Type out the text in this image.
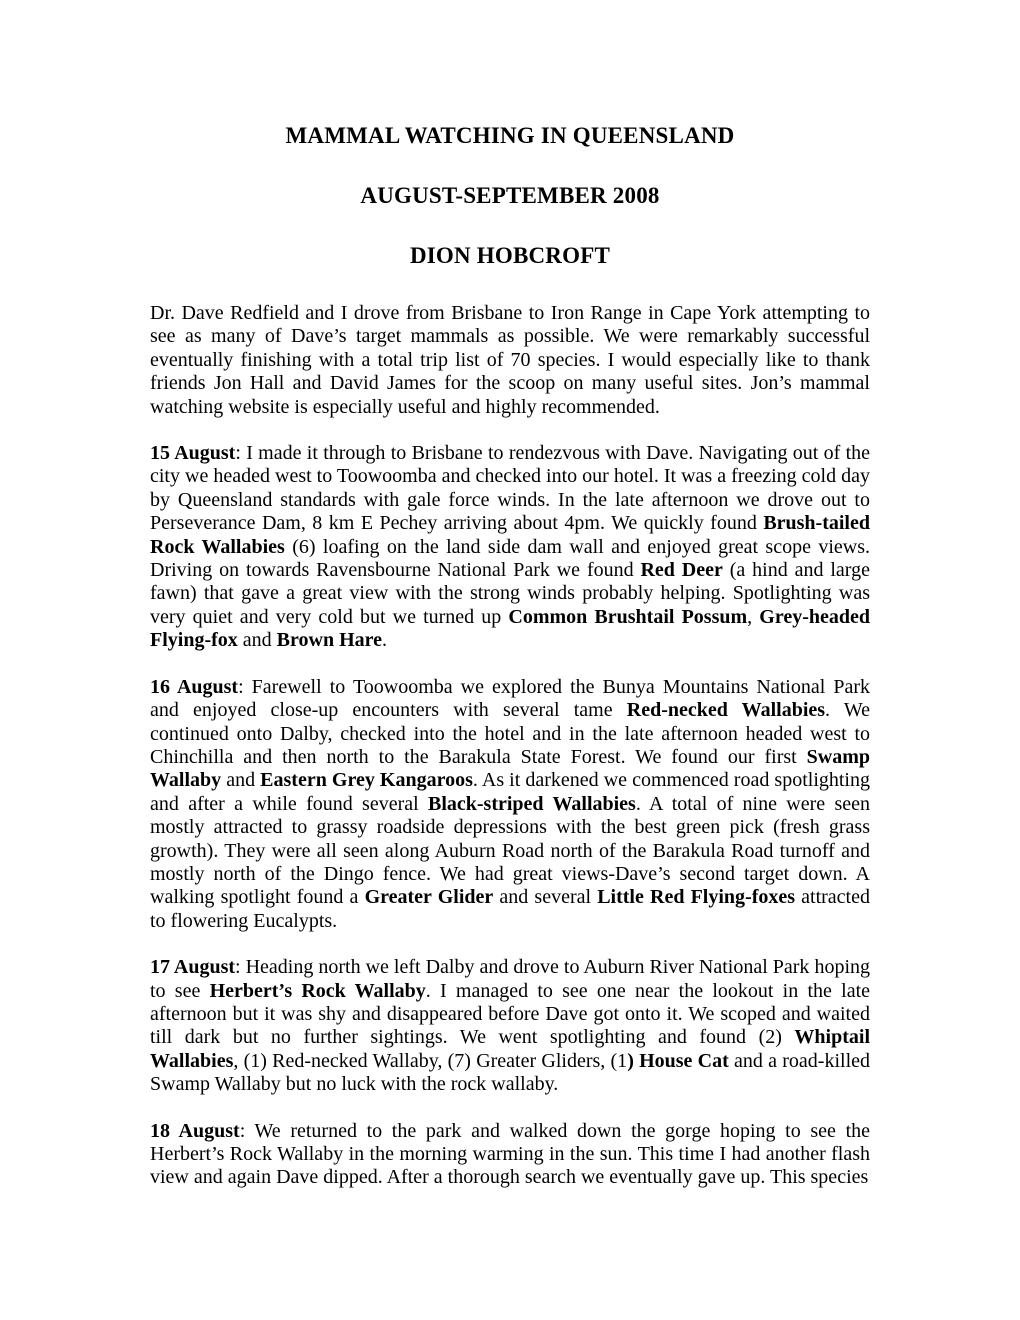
MAMMAL WATCHING IN QUEENSLAND
AUGUST-SEPTEMBER 2008
DION HOBCROFT

Dr. Dave Redfield and I drove from Brisbane to Iron Range in Cape York attempting to see as many of Dave’s target mammals as possible. We were remarkably successful eventually finishing with a total trip list of 70 species. I would especially like to thank friends Jon Hall and David James for the scoop on many useful sites. Jon’s mammal watching website is especially useful and highly recommended.

15 August: I made it through to Brisbane to rendezvous with Dave. Navigating out of the city we headed west to Toowoomba and checked into our hotel. It was a freezing cold day by Queensland standards with gale force winds. In the late afternoon we drove out to Perseverance Dam, 8 km E Pechey arriving about 4pm. We quickly found Brush-tailed Rock Wallabies (6) loafing on the land side dam wall and enjoyed great scope views. Driving on towards Ravensbourne National Park we found Red Deer (a hind and large fawn) that gave a great view with the strong winds probably helping. Spotlighting was very quiet and very cold but we turned up Common Brushtail Possum, Grey-headed Flying-fox and Brown Hare.

16 August: Farewell to Toowoomba we explored the Bunya Mountains National Park and enjoyed close-up encounters with several tame Red-necked Wallabies. We continued onto Dalby, checked into the hotel and in the late afternoon headed west to Chinchilla and then north to the Barakula State Forest. We found our first Swamp Wallaby and Eastern Grey Kangaroos. As it darkened we commenced road spotlighting and after a while found several Black-striped Wallabies. A total of nine were seen mostly attracted to grassy roadside depressions with the best green pick (fresh grass growth). They were all seen along Auburn Road north of the Barakula Road turnoff and mostly north of the Dingo fence. We had great views-Dave’s second target down. A walking spotlight found a Greater Glider and several Little Red Flying-foxes attracted to flowering Eucalypts.

17 August: Heading north we left Dalby and drove to Auburn River National Park hoping to see Herbert’s Rock Wallaby. I managed to see one near the lookout in the late afternoon but it was shy and disappeared before Dave got onto it. We scoped and waited till dark but no further sightings. We went spotlighting and found (2) Whiptail Wallabies, (1) Red-necked Wallaby, (7) Greater Gliders, (1) House Cat and a road-killed Swamp Wallaby but no luck with the rock wallaby.

18 August: We returned to the park and walked down the gorge hoping to see the Herbert’s Rock Wallaby in the morning warming in the sun. This time I had another flash view and again Dave dipped. After a thorough search we eventually gave up. This species
